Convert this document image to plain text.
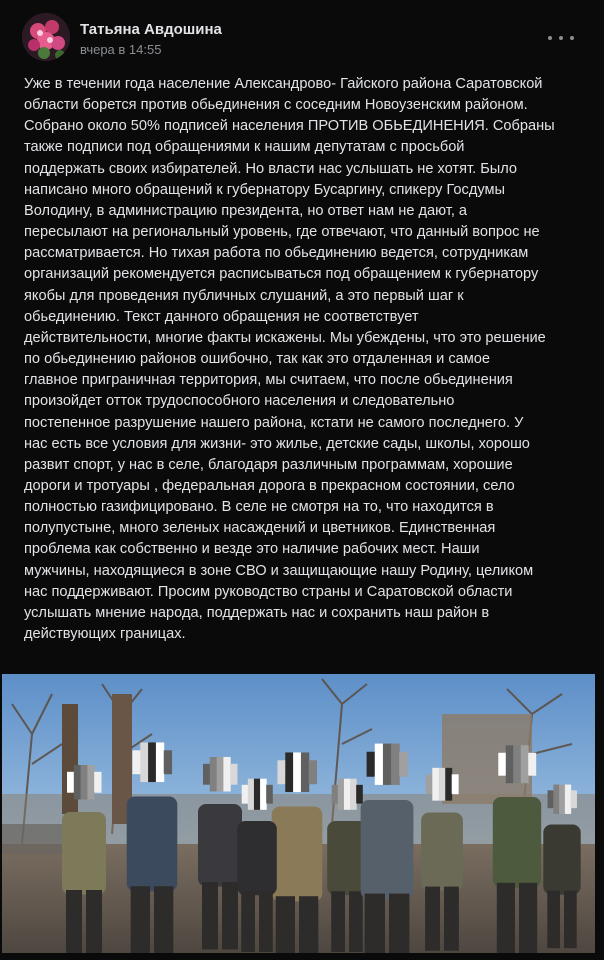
Татьяна Авдошина
вчера в 14:55

Уже в течении года население Александрово- Гайского района Саратовской
области борется против обьединения с соседним Новоузенским районом.
Собрано около 50% подписей населения ПРОТИВ ОБЬЕДИНЕНИЯ. Собраны
также подписи под обращениями к нашим депутатам с просьбой
поддержать своих избирателей. Но власти нас услышать не хотят. Было
написано много обращений к губернатору Бусаргину, спикеру Госдумы
Володину, в администрацию президента, но ответ нам не дают, а
пересылают на региональный уровень, где отвечают, что данный вопрос не
рассматривается. Но тихая работа по обьединению ведется, сотрудникам
организаций рекомендуется расписываться под обращением к губернатору
якобы для проведения публичных слушаний, а это первый шаг к
обьединению. Текст данного обращения не соответствует
действительности, многие факты искажены. Мы убеждены, что это решение
по обьединению районов ошибочно, так как это отдаленная и самое
главное приграничная территория, мы считаем, что после обьединения
произойдет отток трудоспособного населения и следовательно
постепенное разрушение нашего района, кстати не самого последнего. У
нас есть все условия для жизни- это жилье, детские сады, школы, хорошо
развит спорт, у нас в селе, благодаря различным программам, хорошие
дороги и тротуары , федеральная дорога в прекрасном состоянии, село
полностью газифицировано. В селе не смотря на то, что находится в
полупустыне, много зеленых насаждений и цветников. Единственная
проблема как собственно и везде это наличие рабочих мест. Наши
мужчины, находящиеся в зоне СВО и защищающие нашу Родину, целиком
нас поддерживают. Просим руководство страны и Саратовской области
услышать мнение народа, поддержать нас и сохранить наш район в
действующих границах.
